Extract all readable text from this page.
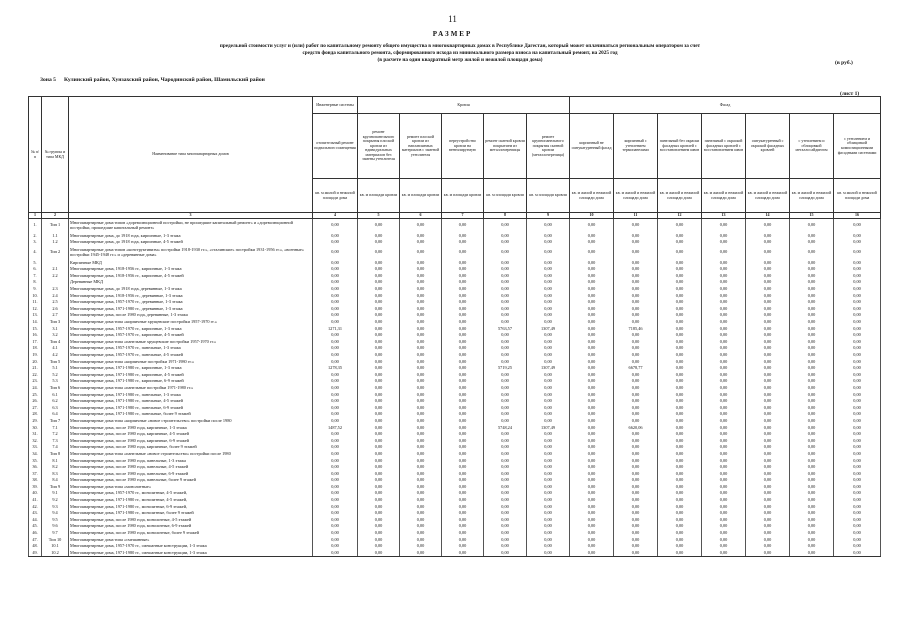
11
РАЗМЕР
предельной стоимости услуг и (или) работ по капитальному ремонту общего имущества в многоквартирных домах в Республике Дагестан, который может оплачиваться региональным оператором за счет
средств фонда капитального ремонта, сформированного исхода из минимального размера взноса на капитальный ремонт, на 2025 год
(в расчете на один квадратный метр жилой и нежилой площади дома)	(в руб.)
Зона 5 Кулинский район, Хунзахский район, Чародинский район, Шамильский район
(лист 1)
№ п/п	№ группы и типа МКД	Наименование типа многоквартирных домов	Инженерные системы	Кровля					Фасад						
			отопительный ремонт подвального помещения	ремонт крупнопанельного покрытия плоской кровли из ндивидуальных материалов без замены утеплителя	ремонт плоской кровли из наплавляемых материалов с заменой утеплителя	переустройство кровли на вентилируемую	ремонт скатной кровли покрытием из металлочерепицы	ремонт крупнопанельного покрытия скатной кровли (металлочерепица)	кирпичный не оштукатуренный фасад	кирпичный с утеплением термопанелями	панельный без окраски фасадных кровлей с восстановлением швов	панельный с окраской фасадных кровлей с восстановлением швов	оштукатуренный с окраской фасадных кровлей	с утеплением и облицовкой металлосайдингом	с утеплением и облицовкой композиционными фасадными системами
			кв. м жилой и нежилой площади дома	кв. м площади кровли	кв. м площади кровли	кв. м площади кровли	кв. м площади кровли	кв. м площади кровли	кв. м жилой и нежилой площади дома	кв. м жилой и нежилой площади дома	кв. м жилой и нежилой площади дома	кв. м жилой и нежилой площади дома	кв. м жилой и нежилой площади дома	кв. м жилой и нежилой площади дома	кв. м жилой и нежилой площади дома
1	2	3	4	5	6	7	8	9	10	11	12	13	14	15	16
1.	Тип 1	Многоквартирные дома типов «дореволюционной постройки, не прошедшие капитальный ремонт» и «дореволюционной постройки, прошедшие капитальный ремонт»	0,00	0,00	0,00	0,00	0,00	0,00	0,00	0,00	0,00	0,00	0,00	0,00	0,00
2.	1.1	Многоквартирные дома, до 1918 года, кирпичные, 1-3 этажа	0,00	0,00	0,00	0,00	0,00	0,00	0,00	0,00	0,00	0,00	0,00	0,00	0,00
3.	1.2	Многоквартирные дома, до 1918 года, кирпичные, 4-5 этажей	0,00	0,00	0,00	0,00	0,00	0,00	0,00	0,00	0,00	0,00	0,00	0,00	0,00
4.	Тип 2	Многоквартирные дома типов «конструктивизм» постройки 1918-1930 гг.», «сталинские» постройки 1931-1956 гг.», «военные» постройки 1945-1948 гг.» и «деревянные дома»	0,00	0,00	0,00	0,00	0,00	0,00	0,00	0,00	0,00	0,00	0,00	0,00	0,00
5.		Кирпичные МКД	0,00	0,00	0,00	0,00	0,00	0,00	0,00	0,00	0,00	0,00	0,00	0,00	0,00
6.	2.1	Многоквартирные дома, 1918-1956 гг., кирпичные, 1-3 этажа	0,00	0,00	0,00	0,00	0,00	0,00	0,00	0,00	0,00	0,00	0,00	0,00	0,00
7.	2.2	Многоквартирные дома, 1918-1956 гг., кирпичные, 4-5 этажей	0,00	0,00	0,00	0,00	0,00	0,00	0,00	0,00	0,00	0,00	0,00	0,00	0,00
8.		Деревянные МКД	0,00	0,00	0,00	0,00	0,00	0,00	0,00	0,00	0,00	0,00	0,00	0,00	0,00
9.	2.3	Многоквартирные дома, до 1918 года, деревянные, 1-3 этажа	0,00	0,00	0,00	0,00	0,00	0,00	0,00	0,00	0,00	0,00	0,00	0,00	0,00
10.	2.4	Многоквартирные дома, 1918-1956 гг., деревянные, 1-3 этажа	0,00	0,00	0,00	0,00	0,00	0,00	0,00	0,00	0,00	0,00	0,00	0,00	0,00
11.	2.5	Многоквартирные дома, 1957-1970 гг., деревянные, 1-3 этажа	0,00	0,00	0,00	0,00	0,00	0,00	0,00	0,00	0,00	0,00	0,00	0,00	0,00
12.	2.6	Многоквартирные дома, 1971-1980 гг., деревянные, 1-3 этажа	0,00	0,00	0,00	0,00	0,00	0,00	0,00	0,00	0,00	0,00	0,00	0,00	0,00
13.	2.7	Многоквартирные дома, после 1980 года, деревянные, 1-3 этажа	0,00	0,00	0,00	0,00	0,00	0,00	0,00	0,00	0,00	0,00	0,00	0,00	0,00
14.	Тип 3	Многоквартирные дома типа «кирпичные хрущевские постройки 1957-1970 гг.»	0,00	0,00	0,00	0,00	0,00	0,00	0,00	0,00	0,00	0,00	0,00	0,00	0,00
15.	3.1	Многоквартирные дома, 1957-1970 гг., кирпичные, 1-3 этажа	1271,31	0,00	0,00	0,00	5763,57	1307,49	0,00	7185,46	0,00	0,00	0,00	0,00	0,00
16.	3.2	Многоквартирные дома, 1957-1970 гг., кирпичные, 4-5 этажей	0,00	0,00	0,00	0,00	0,00	0,00	0,00	0,00	0,00	0,00	0,00	0,00	0,00
17.	Тип 4	Многоквартирные дома типа «панельные хрущевские постройки 1957-1970 гг.»	0,00	0,00	0,00	0,00	0,00	0,00	0,00	0,00	0,00	0,00	0,00	0,00	0,00
18.	4.1	Многоквартирные дома, 1957-1970 гг., панельные, 1-3 этажа	0,00	0,00	0,00	0,00	0,00	0,00	0,00	0,00	0,00	0,00	0,00	0,00	0,00
19.	4.2	Многоквартирные дома, 1957-1970 гг., панельные, 4-5 этажей	0,00	0,00	0,00	0,00	0,00	0,00	0,00	0,00	0,00	0,00	0,00	0,00	0,00
20.	Тип 5	Многоквартирные дома типа «кирпичные постройки 1971-1980 гг.»	0,00	0,00	0,00	0,00	0,00	0,00	0,00	0,00	0,00	0,00	0,00	0,00	0,00
21.	5.1	Многоквартирные дома, 1971-1980 гг., кирпичные, 1-3 этажа	1278,35	0,00	0,00	0,00	5719,25	1307,49	0,00	6678,77	0,00	0,00	0,00	0,00	0,00
22.	5.2	Многоквартирные дома, 1971-1980 гг., кирпичные, 4-5 этажей	0,00	0,00	0,00	0,00	0,00	0,00	0,00	0,00	0,00	0,00	0,00	0,00	0,00
23.	5.3	Многоквартирные дома, 1971-1980 гг., кирпичные, 6-9 этажей	0,00	0,00	0,00	0,00	0,00	0,00	0,00	0,00	0,00	0,00	0,00	0,00	0,00
24.	Тип 6	Многоквартирные дома типа «панельные постройки 1971-1980 гг.»	0,00	0,00	0,00	0,00	0,00	0,00	0,00	0,00	0,00	0,00	0,00	0,00	0,00
25.	6.1	Многоквартирные дома, 1971-1980 гг., панельные, 1-3 этажа	0,00	0,00	0,00	0,00	0,00	0,00	0,00	0,00	0,00	0,00	0,00	0,00	0,00
26.	6.2	Многоквартирные дома, 1971-1980 гг., панельные, 4-5 этажей	0,00	0,00	0,00	0,00	0,00	0,00	0,00	0,00	0,00	0,00	0,00	0,00	0,00
27.	6.3	Многоквартирные дома, 1971-1980 гг., панельные, 6-9 этажей	0,00	0,00	0,00	0,00	0,00	0,00	0,00	0,00	0,00	0,00	0,00	0,00	0,00
28.	6.4	Многоквартирные дома, 1971-1980 гг., панельные, более 9 этажей	0,00	0,00	0,00	0,00	0,00	0,00	0,00	0,00	0,00	0,00	0,00	0,00	0,00
29.	Тип 7	Многоквартирные дома типа «кирпичные «новое строительство» постройки после 1980	0,00	0,00	0,00	0,00	0,00	0,00	0,00	0,00	0,00	0,00	0,00	0,00	0,00
30.	7.1	Многоквартирные дома, после 1980 года, кирпичные, 1-3 этажа	1487,52	0,00	0,00	0,00	5748,24	1307,49	0,00	6620,06	0,00	0,00	0,00	0,00	0,00
31.	7.2	Многоквартирные дома, после 1980 года, кирпичные, 4-5 этажей	0,00	0,00	0,00	0,00	0,00	0,00	0,00	0,00	0,00	0,00	0,00	0,00	0,00
32.	7.3	Многоквартирные дома, после 1980 года, кирпичные, 6-9 этажей	0,00	0,00	0,00	0,00	0,00	0,00	0,00	0,00	0,00	0,00	0,00	0,00	0,00
33.	7.4	Многоквартирные дома, после 1980 года, кирпичные, более 9 этажей	0,00	0,00	0,00	0,00	0,00	0,00	0,00	0,00	0,00	0,00	0,00	0,00	0,00
34.	Тип 8	Многоквартирные дома типа «панельные «новое строительство» постройки после 1980	0,00	0,00	0,00	0,00	0,00	0,00	0,00	0,00	0,00	0,00	0,00	0,00	0,00
35.	8.1	Многоквартирные дома, после 1980 года, панельные, 1-3 этажа	0,00	0,00	0,00	0,00	0,00	0,00	0,00	0,00	0,00	0,00	0,00	0,00	0,00
36.	8.2	Многоквартирные дома, после 1980 года, панельные, 4-5 этажей	0,00	0,00	0,00	0,00	0,00	0,00	0,00	0,00	0,00	0,00	0,00	0,00	0,00
37.	8.3	Многоквартирные дома, после 1980 года, панельные, 6-9 этажей	0,00	0,00	0,00	0,00	0,00	0,00	0,00	0,00	0,00	0,00	0,00	0,00	0,00
38.	8.4	Многоквартирные дома, после 1980 года, панельные, более 9 этажей	0,00	0,00	0,00	0,00	0,00	0,00	0,00	0,00	0,00	0,00	0,00	0,00	0,00
39.	Тип 9	Многоквартирные дома типа «монолитные»	0,00	0,00	0,00	0,00	0,00	0,00	0,00	0,00	0,00	0,00	0,00	0,00	0,00
40.	9.1	Многоквартирные дома, 1957-1970 гг., монолитные, 4-5 этажей,	0,00	0,00	0,00	0,00	0,00	0,00	0,00	0,00	0,00	0,00	0,00	0,00	0,00
41.	9.2	Многоквартирные дома, 1971-1980 гг., монолитные, 4-5 этажей,	0,00	0,00	0,00	0,00	0,00	0,00	0,00	0,00	0,00	0,00	0,00	0,00	0,00
42.	9.3	Многоквартирные дома, 1971-1980 гг., монолитные, 6-9 этажей,	0,00	0,00	0,00	0,00	0,00	0,00	0,00	0,00	0,00	0,00	0,00	0,00	0,00
43.	9.4	Многоквартирные дома, 1971-1980 гг., монолитные, более 9 этажей	0,00	0,00	0,00	0,00	0,00	0,00	0,00	0,00	0,00	0,00	0,00	0,00	0,00
44.	9.5	Многоквартирные дома, после 1980 года, монолитные, 4-5 этажей	0,00	0,00	0,00	0,00	0,00	0,00	0,00	0,00	0,00	0,00	0,00	0,00	0,00
45.	9.6	Многоквартирные дома, после 1980 года, монолитные, 6-9 этажей	0,00	0,00	0,00	0,00	0,00	0,00	0,00	0,00	0,00	0,00	0,00	0,00	0,00
46.	9.7	Многоквартирные дома, после 1980 года, монолитные, более 9 этажей	0,00	0,00	0,00	0,00	0,00	0,00	0,00	0,00	0,00	0,00	0,00	0,00	0,00
47.	Тип 10	Многоквартирные дома типа «смешанные»	0,00	0,00	0,00	0,00	0,00	0,00	0,00	0,00	0,00	0,00	0,00	0,00	0,00
48.	10.1	Многоквартирные дома, 1957-1970 гг., смешанные конструкции, 1-3 этажа	0,00	0,00	0,00	0,00	0,00	0,00	0,00	0,00	0,00	0,00	0,00	0,00	0,00
49.	10.2	Многоквартирные дома, 1971-1980 гг., смешанные конструкции, 1-3 этажа	0,00	0,00	0,00	0,00	0,00	0,00	0,00	0,00	0,00	0,00	0,00	0,00	0,00
